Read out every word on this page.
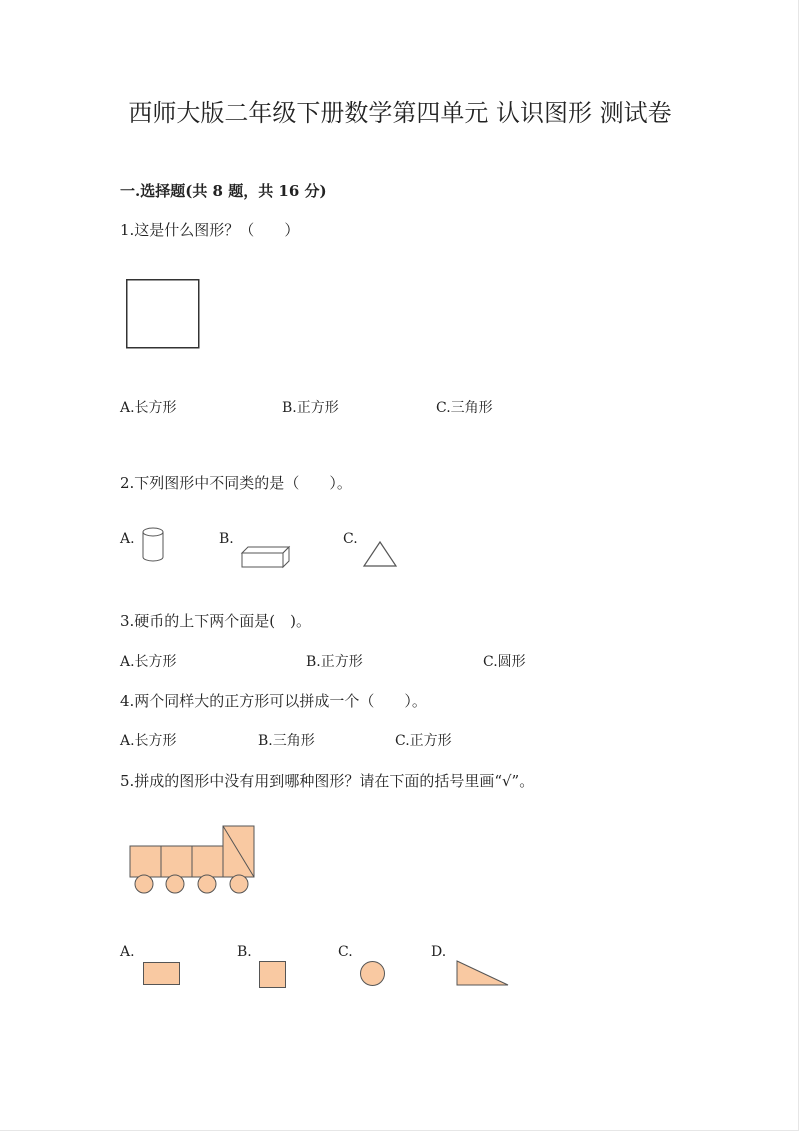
西师大版二年级下册数学第四单元 认识图形 测试卷
一.选择题(共 8 题，共 16 分)
1.这是什么图形？（　　）
A.长方形	B.正方形	C.三角形
2.下列图形中不同类的是（　　）。
A.	B.	C.
3.硬币的上下两个面是(　)。
A.长方形	B.正方形	C.圆形
4.两个同样大的正方形可以拼成一个（　　）。
A.长方形	B.三角形	C.正方形
5.拼成的图形中没有用到哪种图形？请在下面的括号里画“√”。
A.	B.	C.	D.
